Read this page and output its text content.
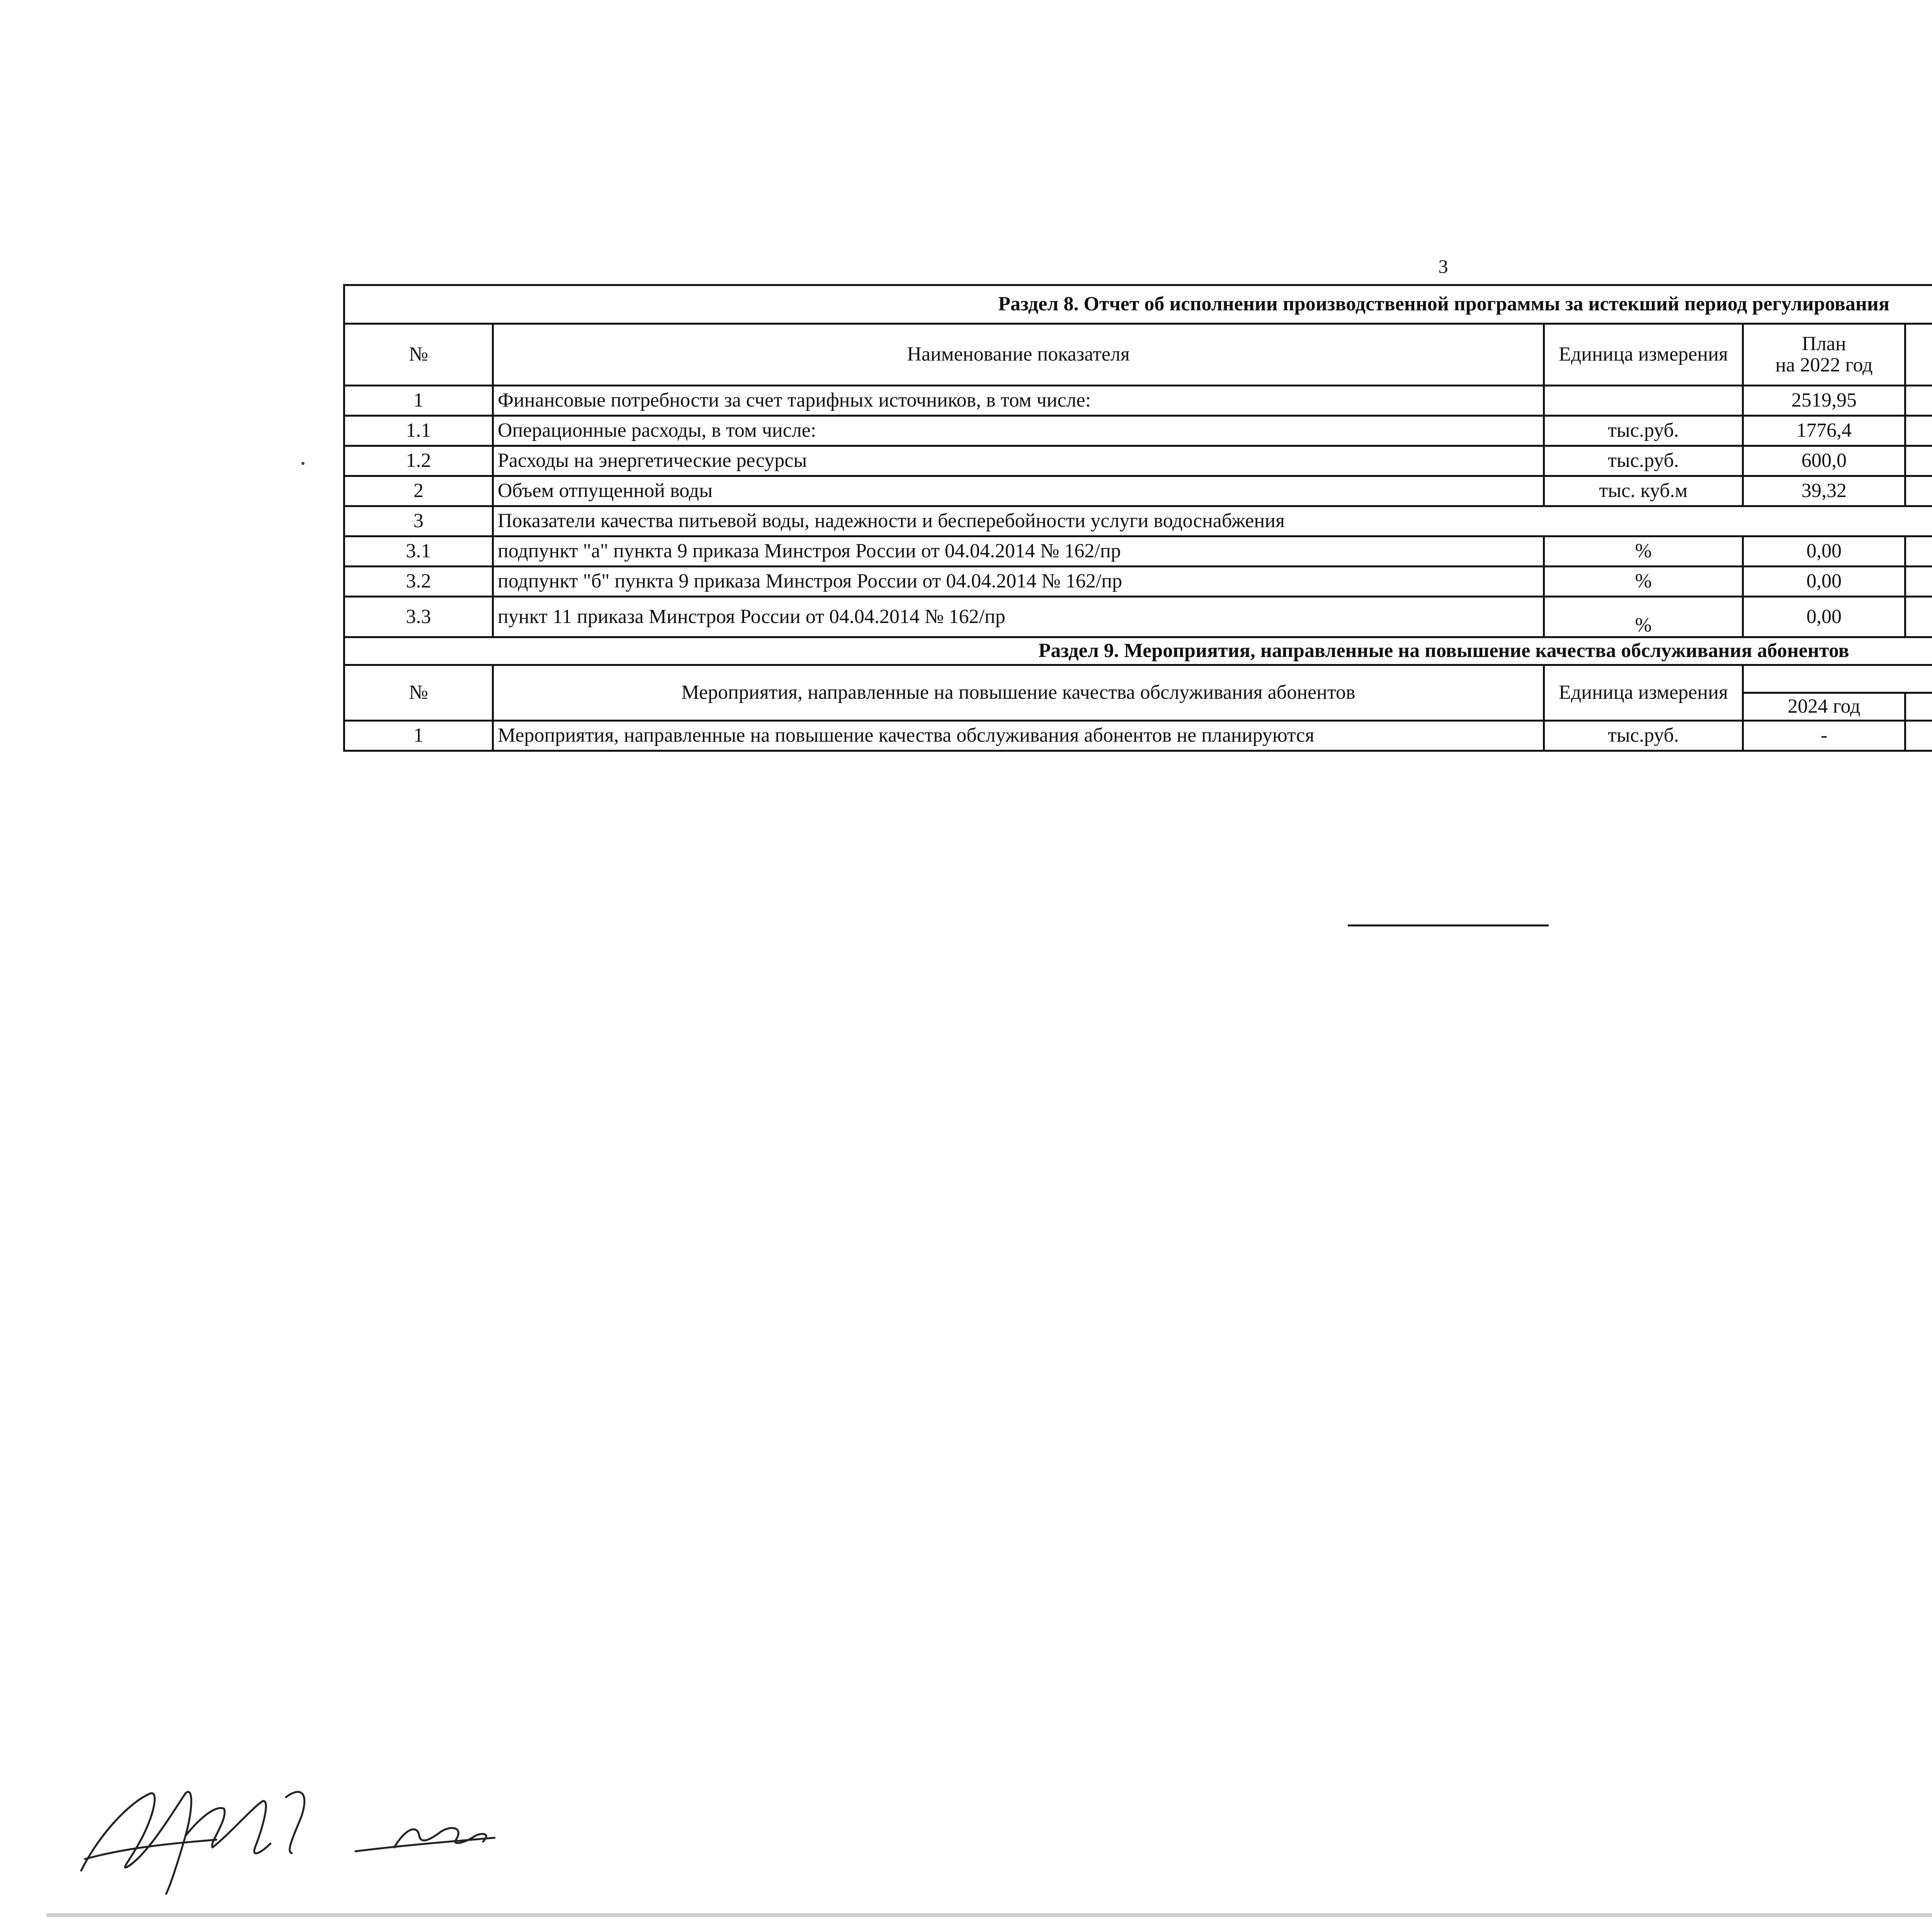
3
Раздел 8. Отчет об исполнении производственной программы за истекший период регулирования							
№	Наименование показателя	Единица измерения	План
на 2022 год

1	Финансовые потребности за счет тарифных источников, в том числе:		2519,95				
1.1	Операционные расходы, в том числе:	тыс.руб.	1776,4			
1.2	Расходы на энергетические ресурсы	тыс.руб.	600,0			
2	Объем отпущенной воды	тыс. куб.м	39,32			
3	Показатели качества питьевой воды, надежности и бесперебойности услуги водоснабжения						
3.1	подпункт "а" пункта 9 приказа Минстроя России от 04.04.2014 № 162/пр	%	0,00			
3.2	подпункт "б" пункта 9 приказа Минстроя России от 04.04.2014 № 162/пр	%	0,00			
3.3	пункт 11 приказа Минстроя России от 04.04.2014 № 162/пр	%	0,00			
Раздел 9. Мероприятия, направленные на повышение качества обслуживания абонентов							
№	Мероприятия, направленные на повышение качества обслуживания абонентов	Единица измерения	
			2024 год				
1	Мероприятия, направленные на повышение качества обслуживания абонентов не планируются	тыс.руб.	-				
